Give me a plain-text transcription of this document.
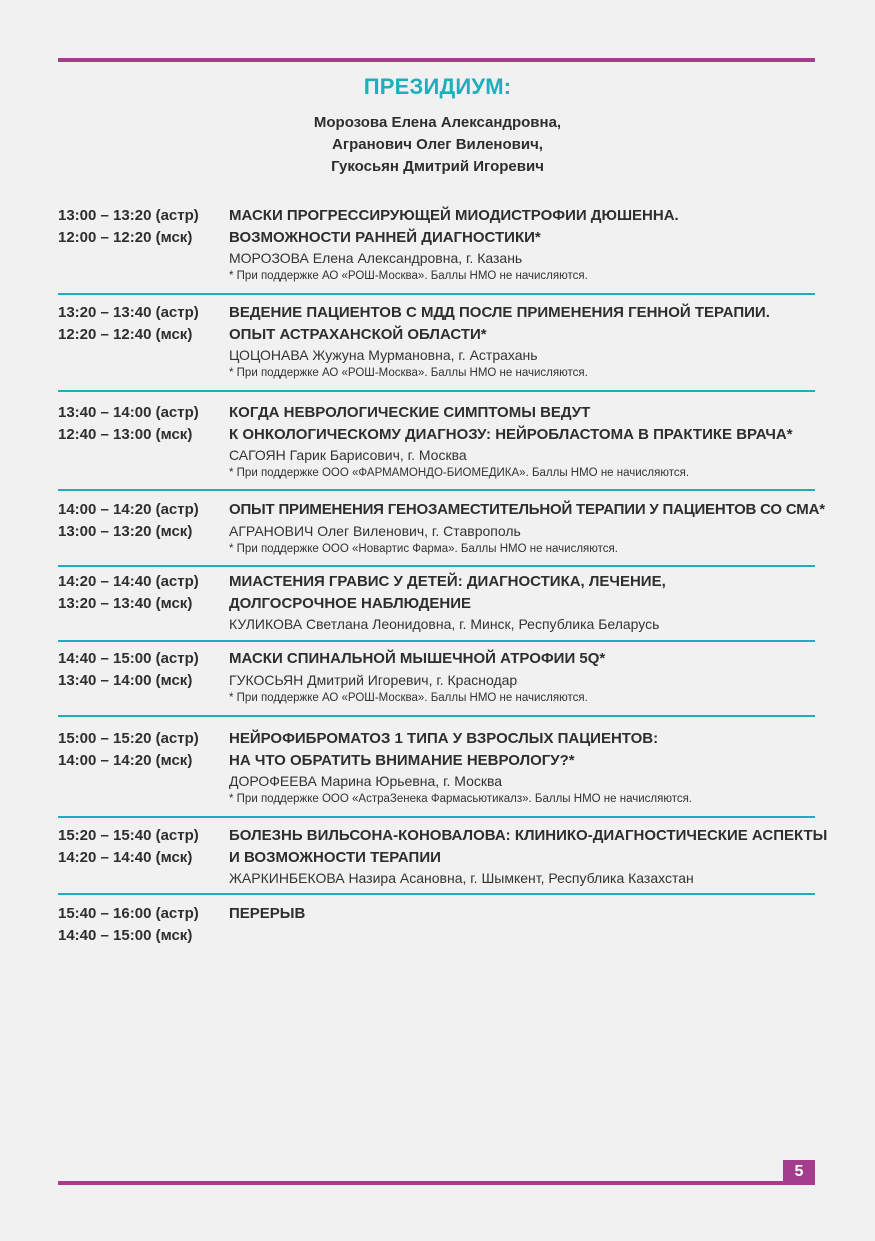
ПРЕЗИДИУМ:
Морозова Елена Александровна,
Агранович Олег Виленович,
Гукосьян Дмитрий Игоревич
13:00 – 13:20 (астр)
12:00 – 12:20 (мск)
МАСКИ ПРОГРЕССИРУЮЩЕЙ МИОДИСТРОФИИ ДЮШЕННА.
ВОЗМОЖНОСТИ РАННЕЙ ДИАГНОСТИКИ*
МОРОЗОВА Елена Александровна, г. Казань
* При поддержке АО «РОШ-Москва». Баллы НМО не начисляются.
13:20 – 13:40 (астр)
12:20 – 12:40 (мск)
ВЕДЕНИЕ ПАЦИЕНТОВ С МДД ПОСЛЕ ПРИМЕНЕНИЯ ГЕННОЙ ТЕРАПИИ.
ОПЫТ АСТРАХАНСКОЙ ОБЛАСТИ*
ЦОЦОНАВА Жужуна Мурмановна, г. Астрахань
* При поддержке АО «РОШ-Москва». Баллы НМО не начисляются.
13:40 – 14:00 (астр)
12:40 – 13:00 (мск)
КОГДА НЕВРОЛОГИЧЕСКИЕ СИМПТОМЫ ВЕДУТ
К ОНКОЛОГИЧЕСКОМУ ДИАГНОЗУ: НЕЙРОБЛАСТОМА В ПРАКТИКЕ ВРАЧА*
САГОЯН Гарик Барисович, г. Москва
* При поддержке ООО «ФАРМАМОНДО-БИОМЕДИКА». Баллы НМО не начисляются.
14:00 – 14:20 (астр)
13:00 – 13:20 (мск)
ОПЫТ ПРИМЕНЕНИЯ ГЕНОЗАМЕСТИТЕЛЬНОЙ ТЕРАПИИ У ПАЦИЕНТОВ СО СМА*
АГРАНОВИЧ Олег Виленович, г. Ставрополь
* При поддержке ООО «Новартис Фарма». Баллы НМО не начисляются.
14:20 – 14:40 (астр)
13:20 – 13:40 (мск)
МИАСТЕНИЯ ГРАВИС У ДЕТЕЙ: ДИАГНОСТИКА, ЛЕЧЕНИЕ,
ДОЛГОСРОЧНОЕ НАБЛЮДЕНИЕ
КУЛИКОВА Светлана Леонидовна, г. Минск, Республика Беларусь
14:40 – 15:00 (астр)
13:40 – 14:00 (мск)
МАСКИ СПИНАЛЬНОЙ МЫШЕЧНОЙ АТРОФИИ 5Q*
ГУКОСЬЯН Дмитрий Игоревич, г. Краснодар
* При поддержке АО «РОШ-Москва». Баллы НМО не начисляются.
15:00 – 15:20 (астр)
14:00 – 14:20 (мск)
НЕЙРОФИБРОМАТОЗ 1 ТИПА У ВЗРОСЛЫХ ПАЦИЕНТОВ:
НА ЧТО ОБРАТИТЬ ВНИМАНИЕ НЕВРОЛОГУ?*
ДОРОФЕЕВА Марина Юрьевна, г. Москва
* При поддержке ООО «АстраЗенека Фармасьютикалз». Баллы НМО не начисляются.
15:20 – 15:40 (астр)
14:20 – 14:40 (мск)
БОЛЕЗНЬ ВИЛЬСОНА-КОНОВАЛОВА: КЛИНИКО-ДИАГНОСТИЧЕСКИЕ АСПЕКТЫ
И ВОЗМОЖНОСТИ ТЕРАПИИ
ЖАРКИНБЕКОВА Назира Асановна, г. Шымкент, Республика Казахстан
15:40 – 16:00 (астр)
14:40 – 15:00 (мск)
ПЕРЕРЫВ
5
